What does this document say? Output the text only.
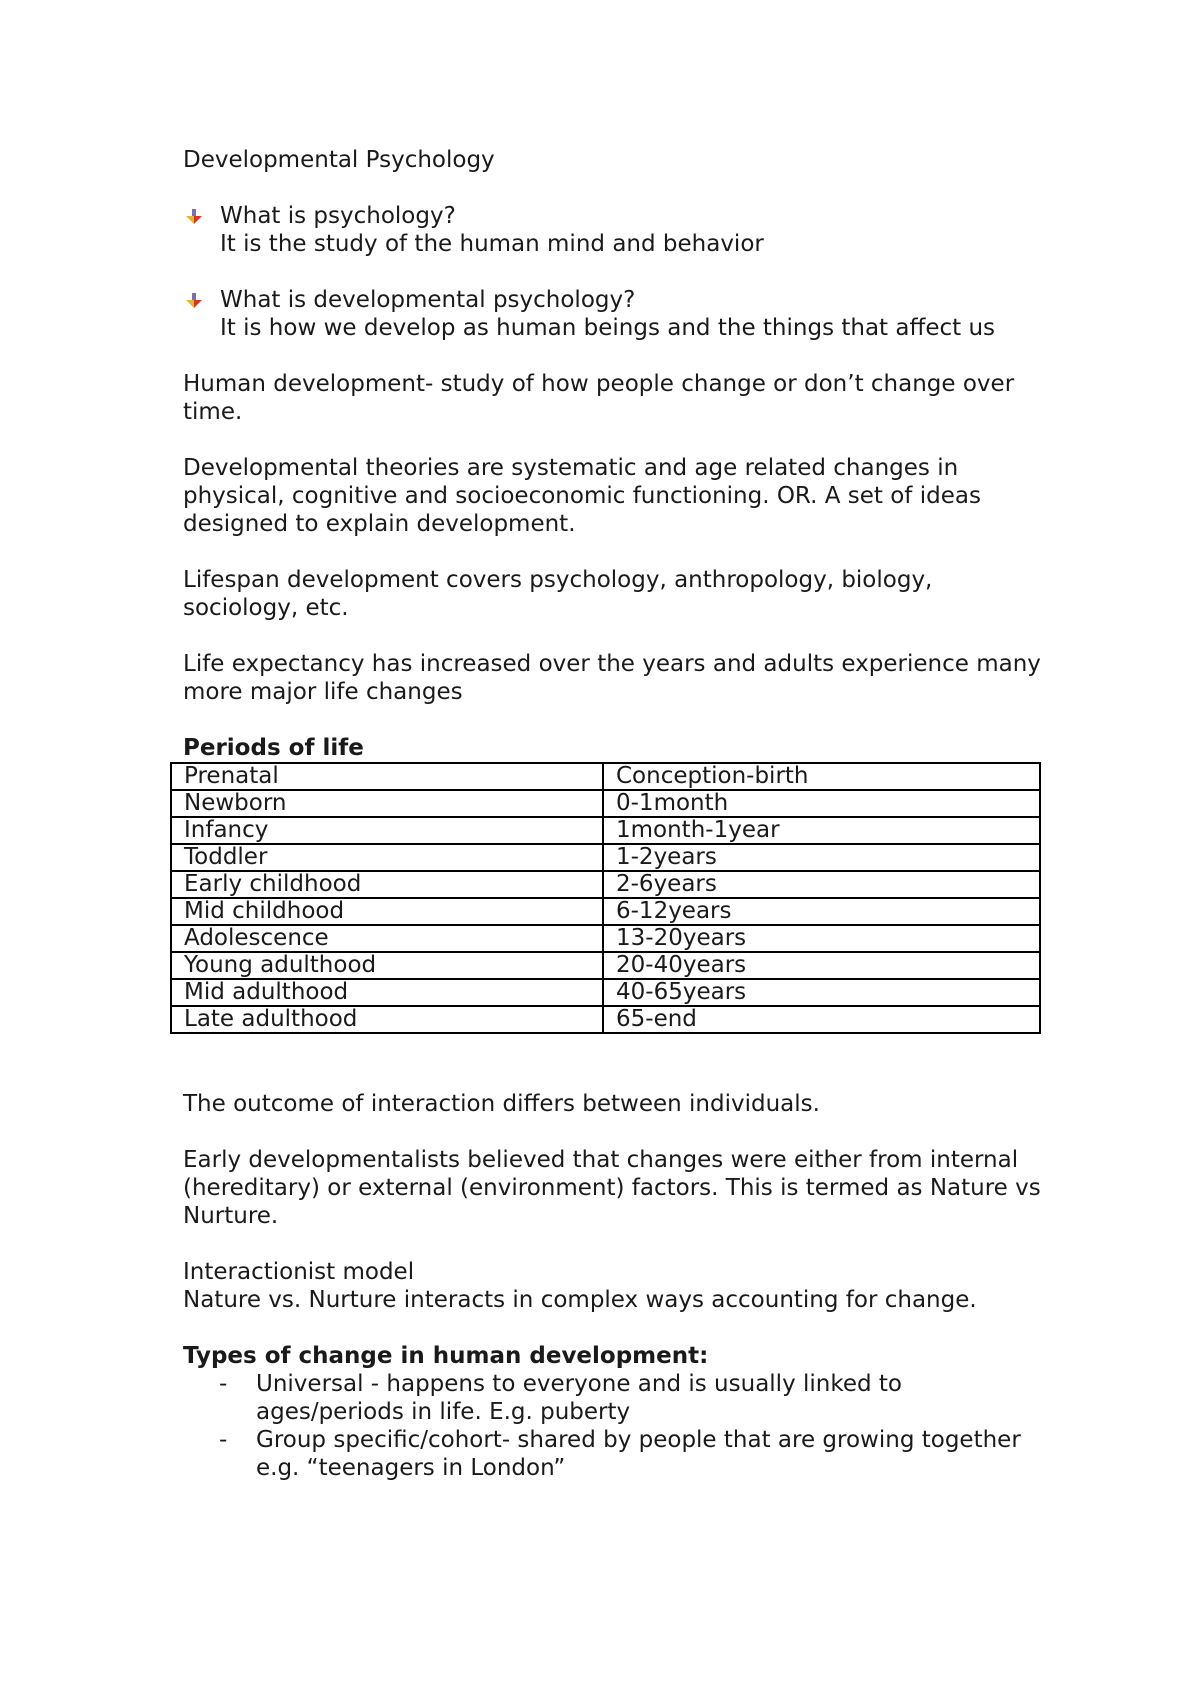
Developmental Psychology

What is psychology?

It is the study of the human mind and behavior

What is developmental psychology?

It is how we develop as human beings and the things that affect us

Human development- study of how people change or don’t change over time.

Developmental theories are systematic and age related changes in physical, cognitive and socioeconomic functioning. OR. A set of ideas designed to explain development.

Lifespan development covers psychology, anthropology, biology, sociology, etc.

Life expectancy has increased over the years and adults experience many more major life changes

Periods of life

Prenatal	Conception-birth
Newborn	0-1month
Infancy	1month-1year
Toddler	1-2years
Early childhood	2-6years
Mid childhood	6-12years
Adolescence	13-20years
Young adulthood	20-40years
Mid adulthood	40-65years
Late adulthood	65-end

The outcome of interaction differs between individuals.

Early developmentalists believed that changes were either from internal (hereditary) or external (environment) factors. This is termed as Nature vs Nurture.

Interactionist model

Nature vs. Nurture interacts in complex ways accounting for change.

Types of change in human development:

- Universal - happens to everyone and is usually linked to ages/periods in life. E.g. puberty
- Group specific/cohort- shared by people that are growing together e.g. “teenagers in London”
